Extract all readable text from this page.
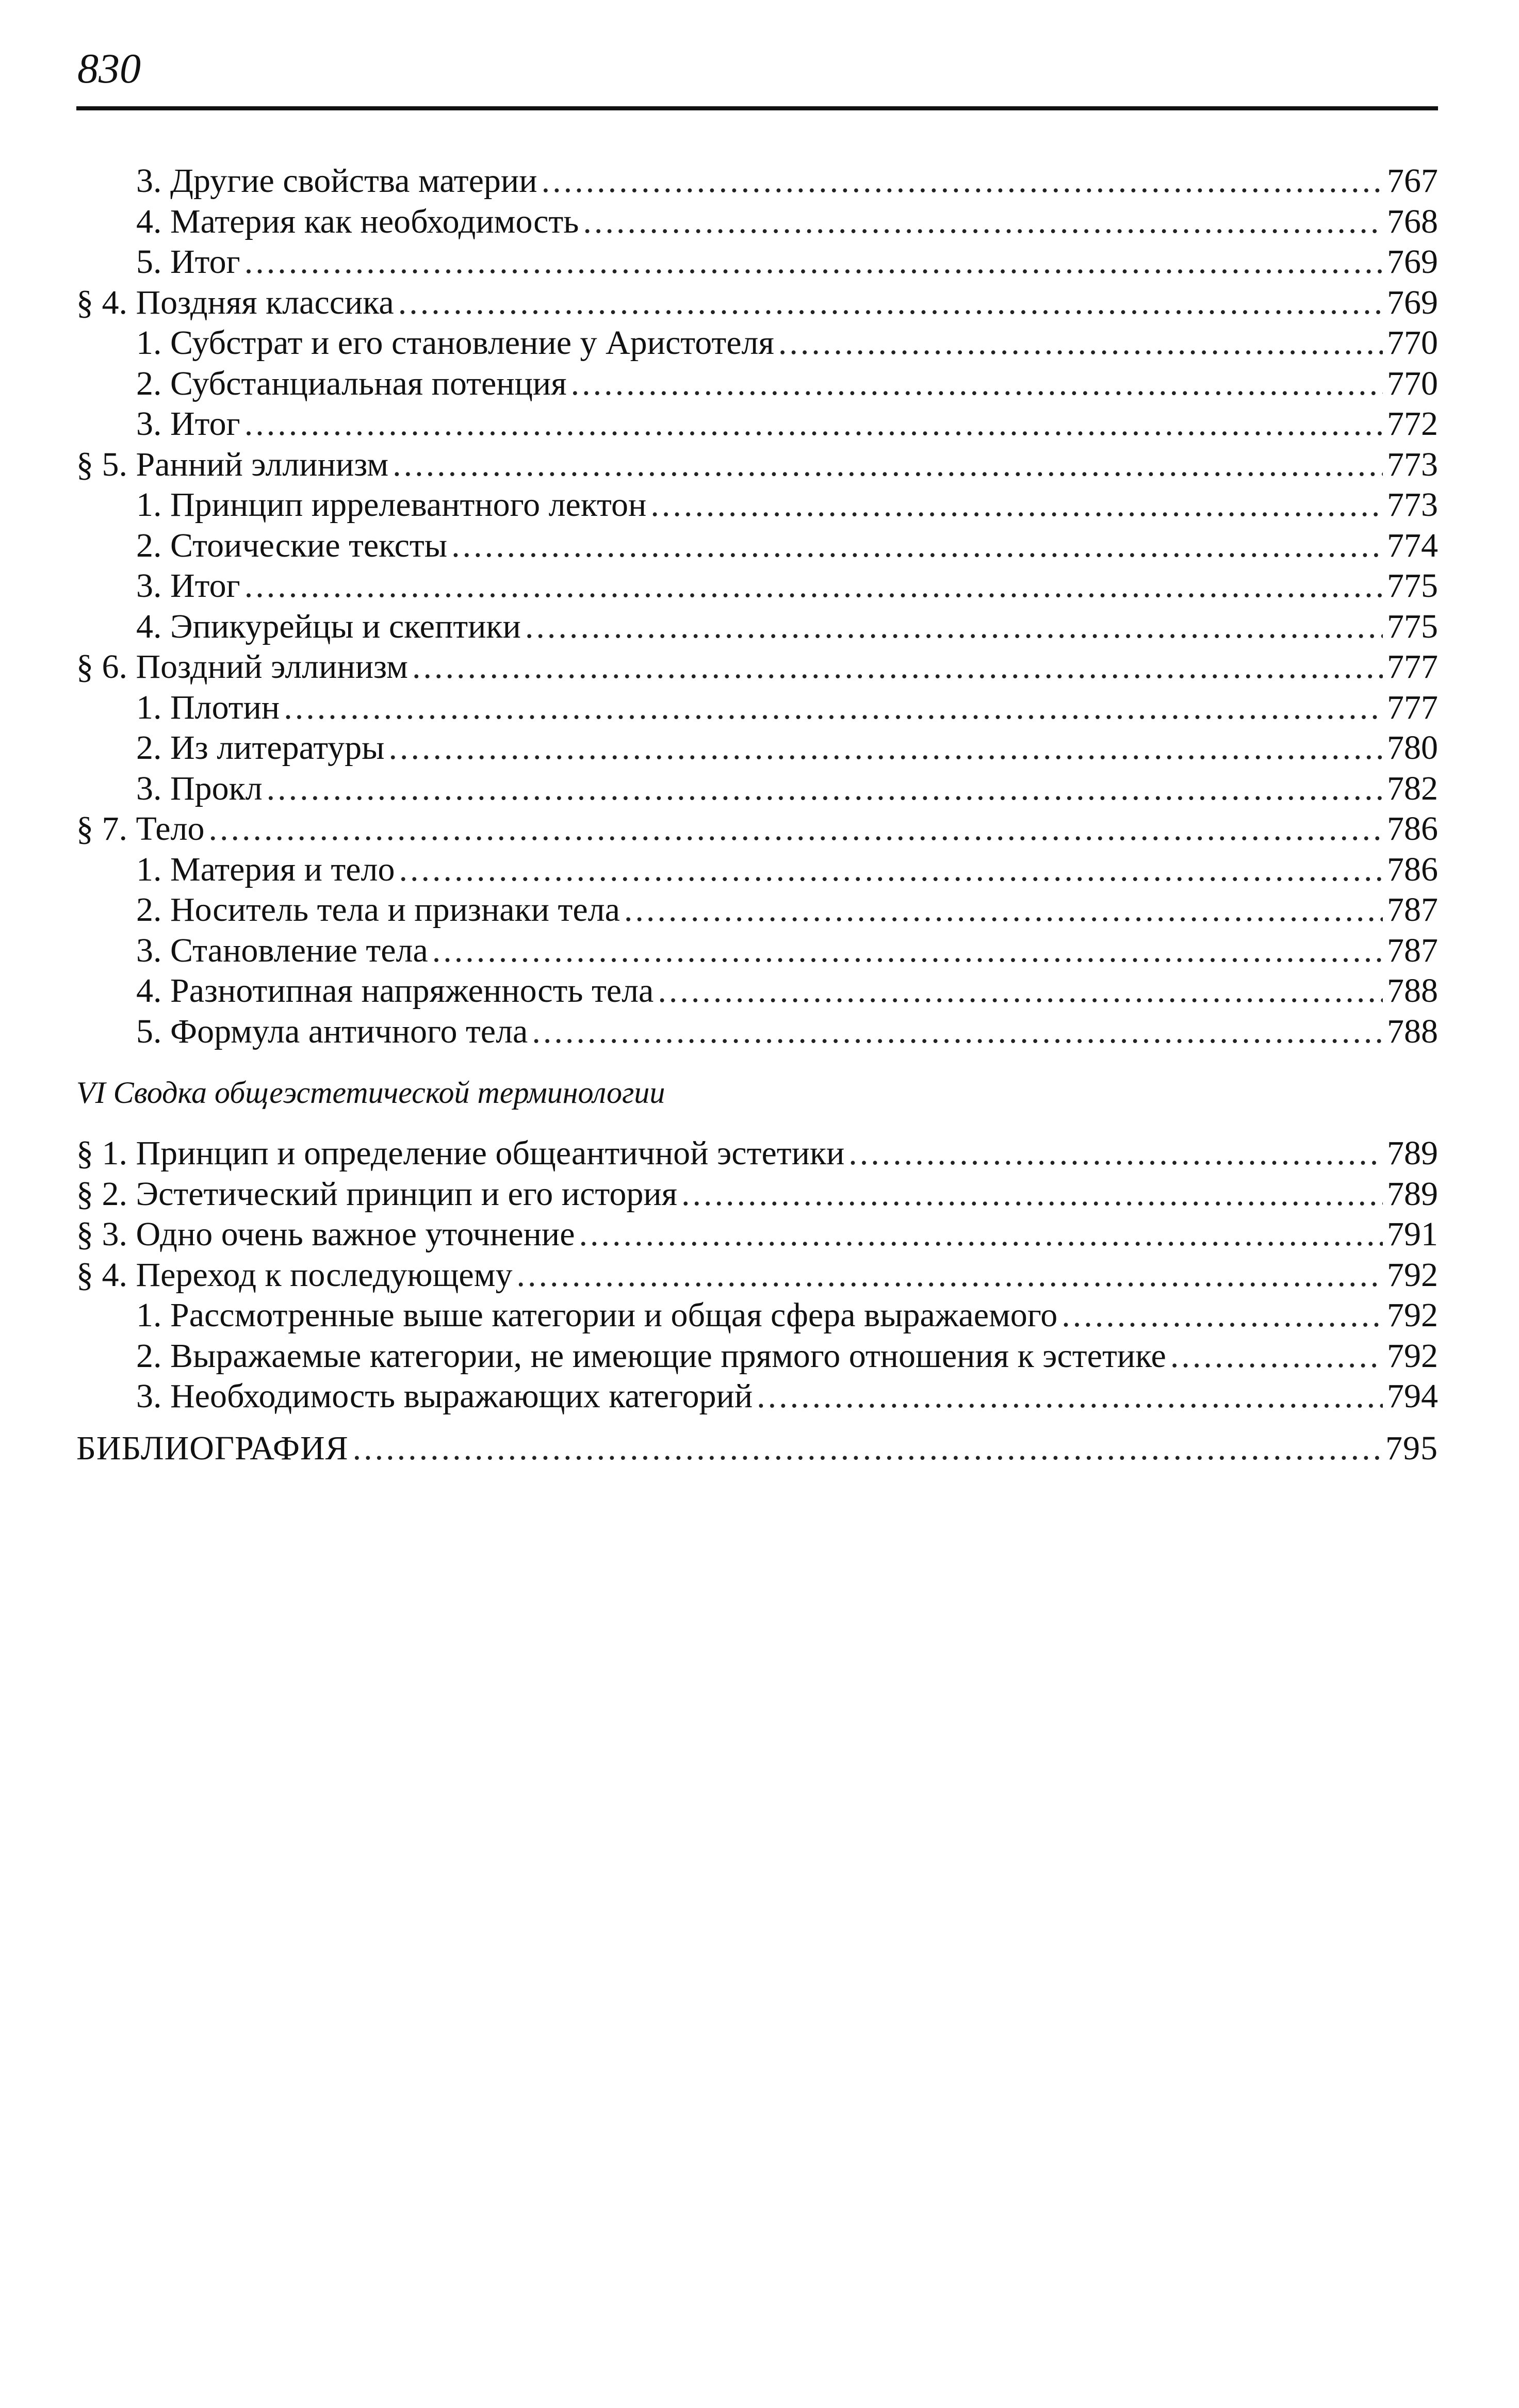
830
3. Другие свойства материи .....	767
4. Материя как необходимость .....	768
5. Итог .....	769
§ 4. Поздняя классика .....	769
1. Субстрат и его становление у Аристотеля .....	770
2. Субстанциальная потенция .....	770
3. Итог .....	772
§ 5. Ранний эллинизм .....	773
1. Принцип иррелевантного лектон .....	773
2. Стоические тексты .....	774
3. Итог .....	775
4. Эпикурейцы и скептики .....	775
§ 6. Поздний эллинизм .....	777
1. Плотин .....	777
2. Из литературы .....	780
3. Прокл .....	782
§ 7. Тело .....	786
1. Материя и тело .....	786
2. Носитель тела и признаки тела .....	787
3. Становление тела .....	787
4. Разнотипная напряженность тела .....	788
5. Формула античного тела .....	788
VI Сводка общеэстетической терминологии
§ 1. Принцип и определение общеантичной эстетики .....	789
§ 2. Эстетический принцип и его история .....	789
§ 3. Одно очень важное уточнение .....	791
§ 4. Переход к последующему .....	792
1. Рассмотренные выше категории и общая сфера выражаемого .....	792
2. Выражаемые категории, не имеющие прямого отношения к эстетике .....	792
3. Необходимость выражающих категорий .....	794
БИБЛИОГРАФИЯ .....	795
